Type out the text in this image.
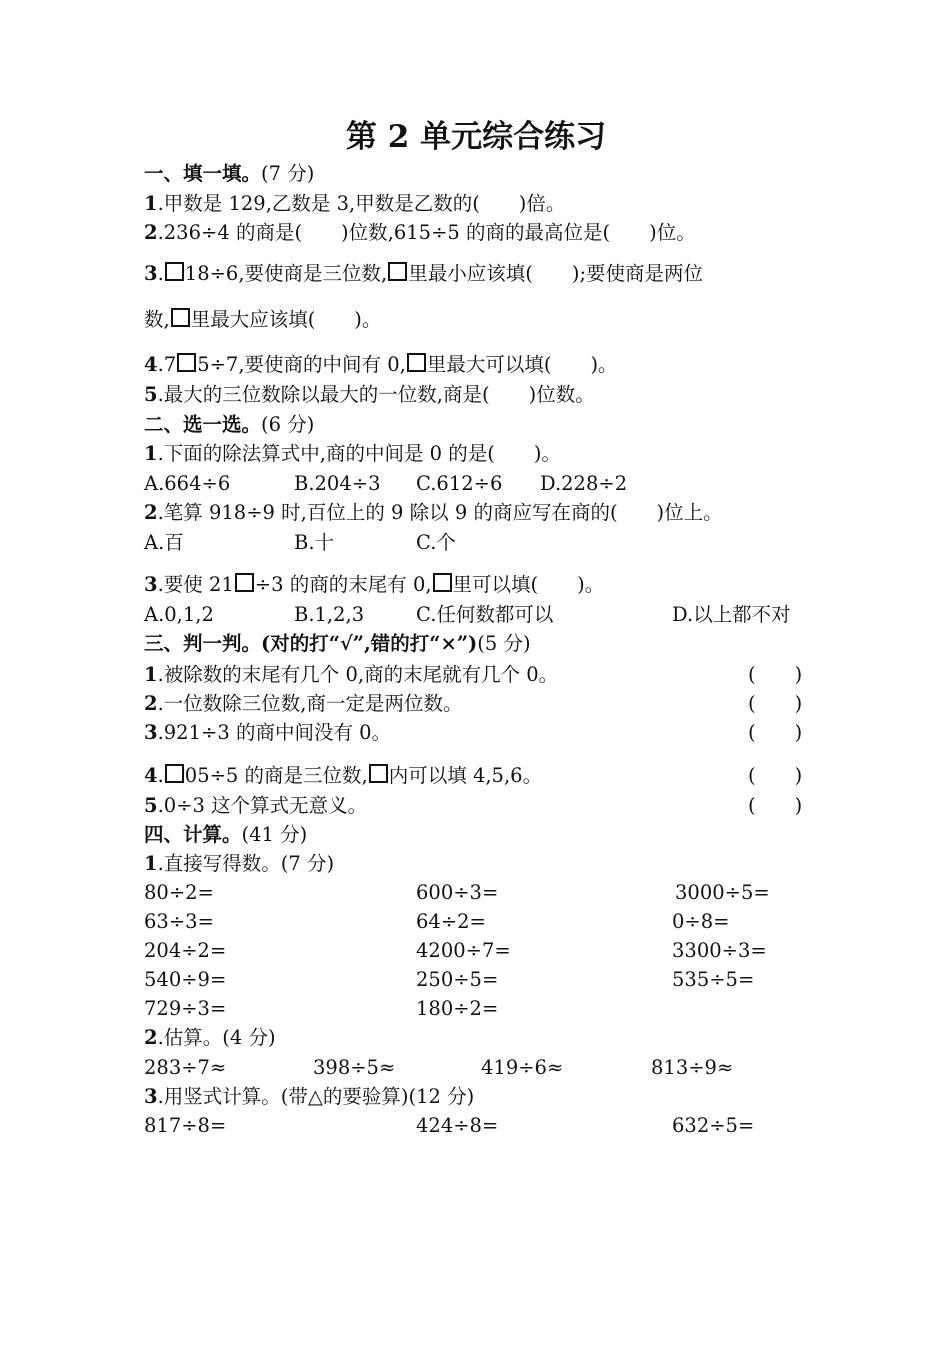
第 2 单元综合练习
一、填一填。(7 分)
1.甲数是 129,乙数是 3,甲数是乙数的(　　)倍。
2.236÷4 的商是(　　)位数,615÷5 的商的最高位是(　　)位。
3. 18÷6,要使商是三位数, 里最小应该填(　　);要使商是两位
数, 里最大应该填(　　)。
4.7 5÷7,要使商的中间有 0, 里最大可以填(　　)。
5.最大的三位数除以最大的一位数,商是(　　)位数。
二、选一选。(6 分)
1.下面的除法算式中,商的中间是 0 的是(　　)。
A.664÷6	B.204÷3 C.612÷6 D.228÷2
2.笔算 918÷9 时,百位上的 9 除以 9 的商应写在商的(　　)位上。
A.百	B.十	C.个
3.要使 21 ÷3 的商的末尾有 0, 里可以填(　　)。
A.0,1,2	B.1,2,3	C.任何数都可以	D.以上都不对
三、判一判。(对的打“√”,错的打“×”)(5 分)
1.被除数的末尾有几个 0,商的末尾就有几个 0。	(　　)
2.一位数除三位数,商一定是两位数。	(　　)
3.921÷3 的商中间没有 0。	(　　)
4. 05÷5 的商是三位数, 内可以填 4,5,6。	(　　)
5.0÷3 这个算式无意义。	(　　)
四、计算。(41 分)
1.直接写得数。(7 分)
80÷2=	600÷3=	3000÷5=
63÷3=	64÷2=	0÷8=
204÷2=	4200÷7=	3300÷3=
540÷9=	250÷5=	535÷5=
729÷3=	180÷2=
2.估算。(4 分)
283÷7≈	398÷5≈	419÷6≈	813÷9≈
3.用竖式计算。(带△的要验算)(12 分)
817÷8=	424÷8=	632÷5=
